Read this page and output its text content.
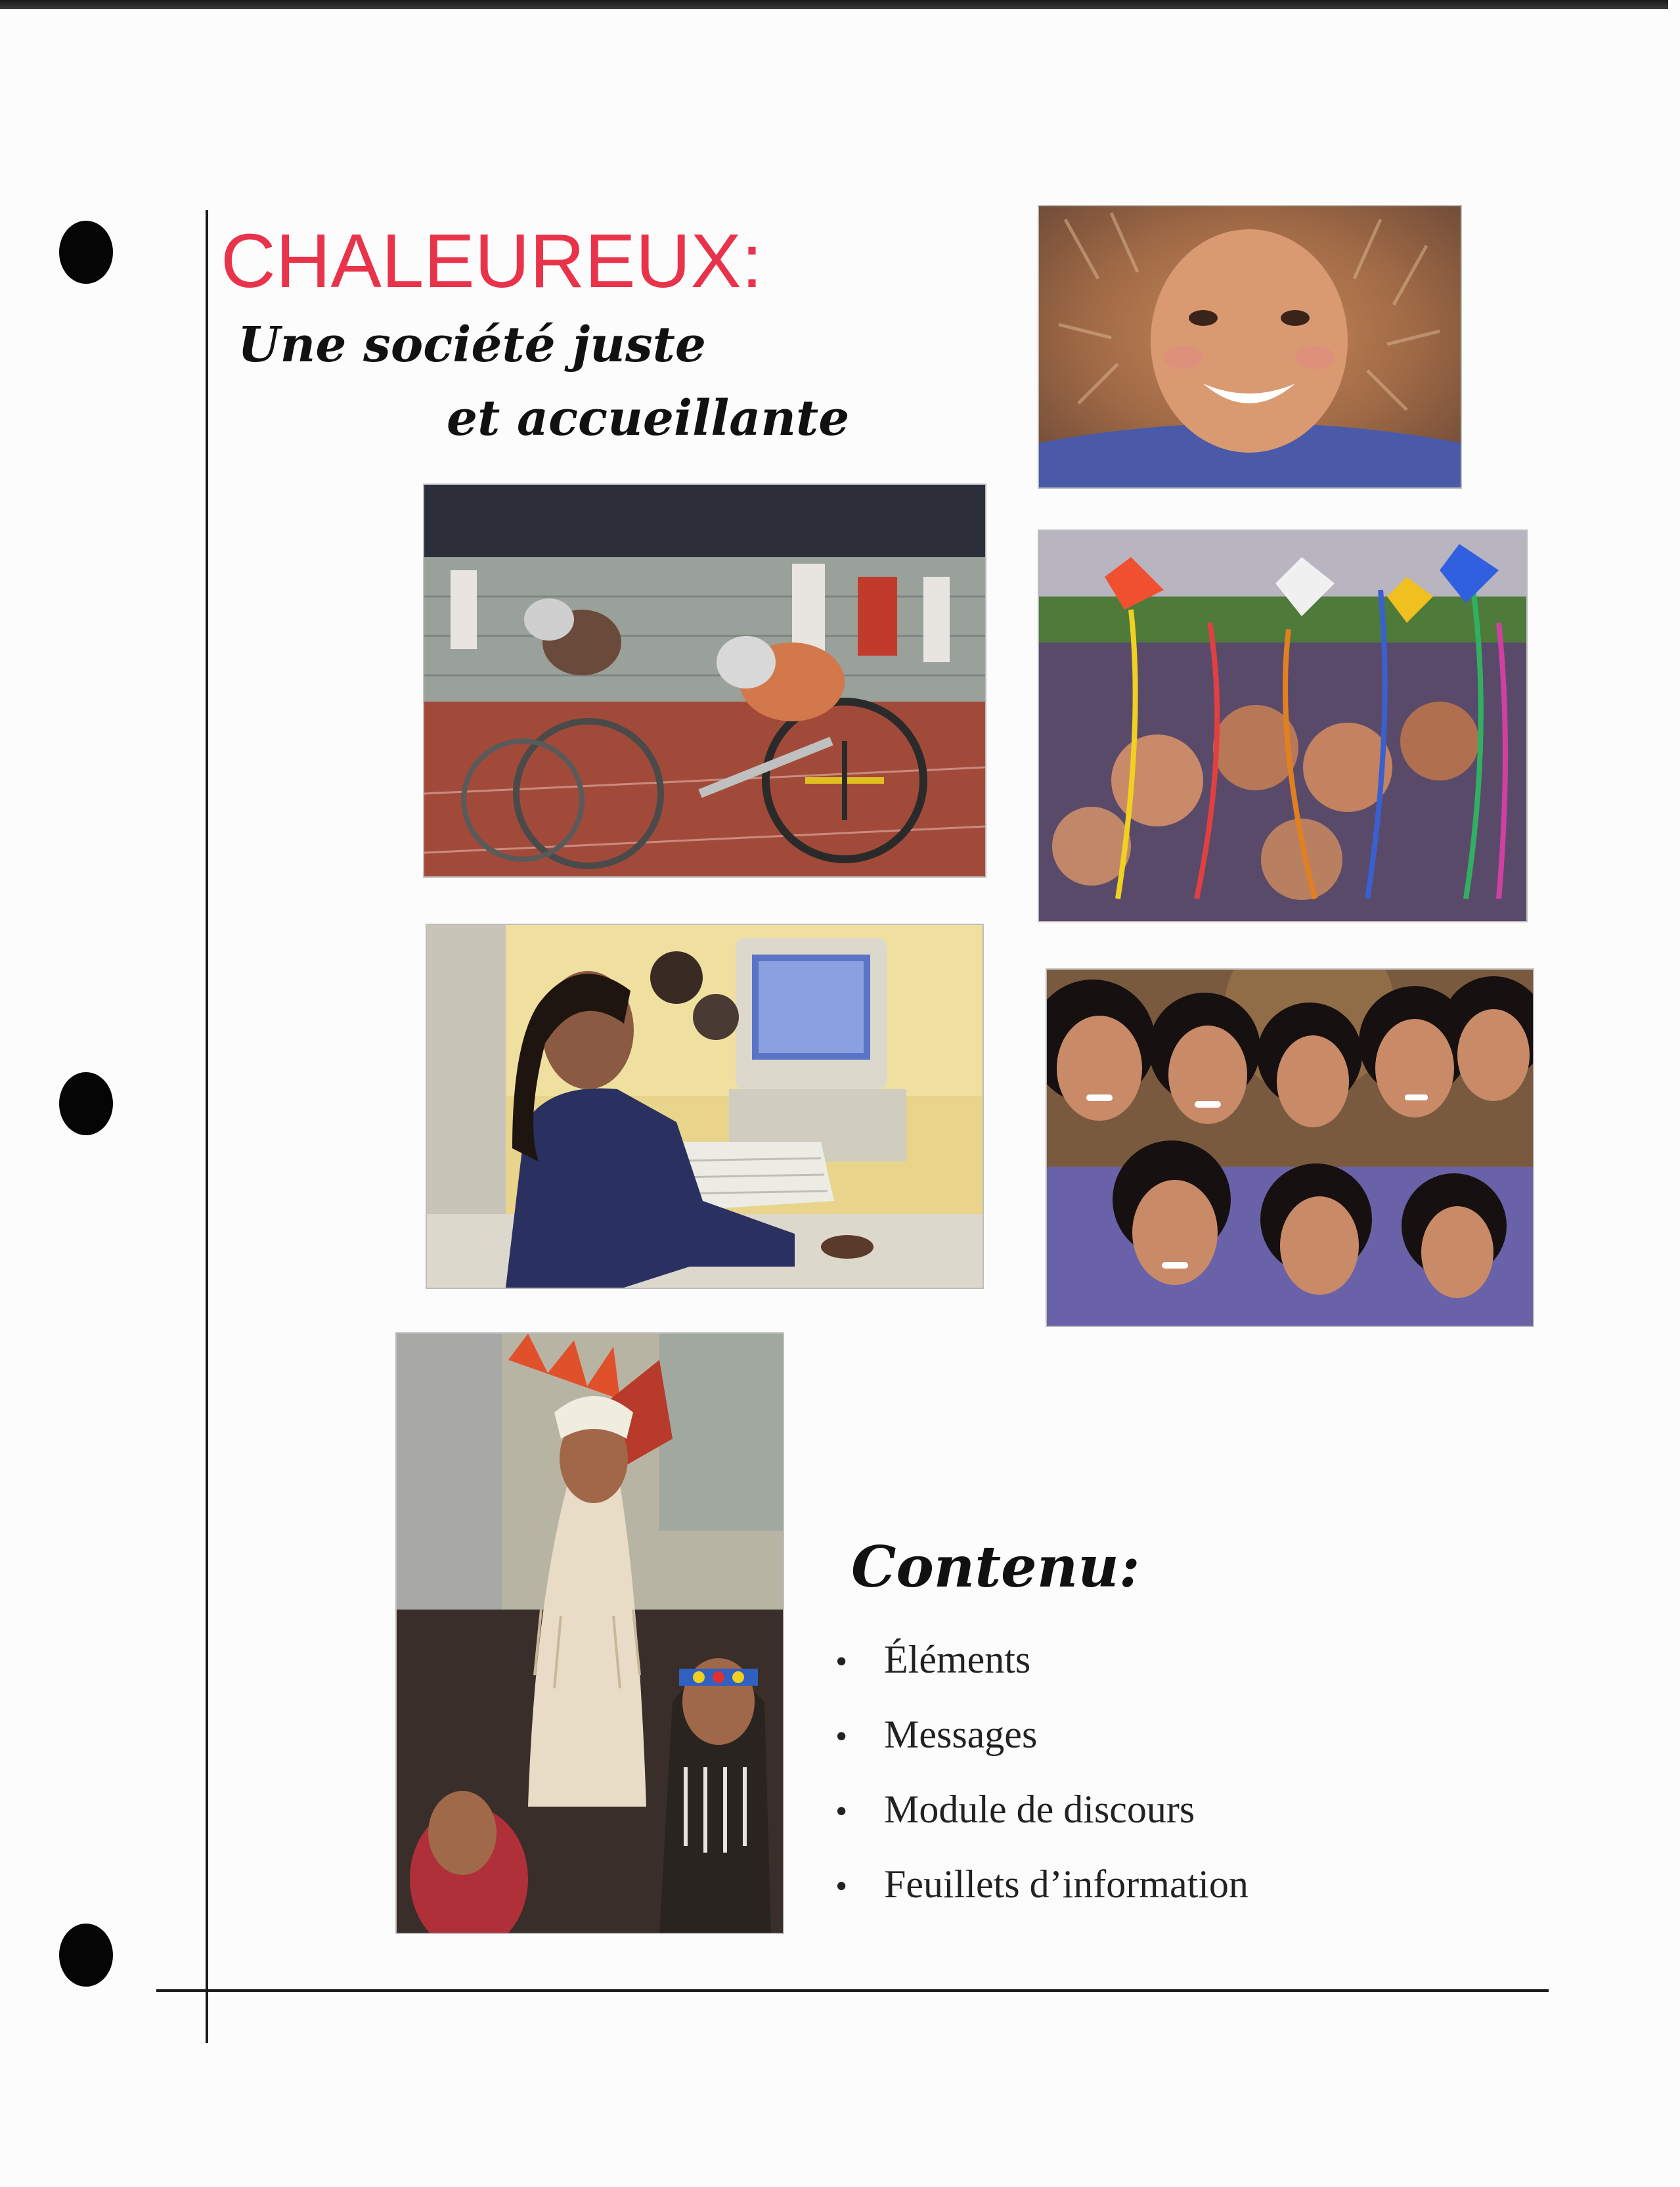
CHALEUREUX:
Une société juste
et accueillante
Contenu:
• Éléments
• Messages
• Module de discours
• Feuillets d’information
